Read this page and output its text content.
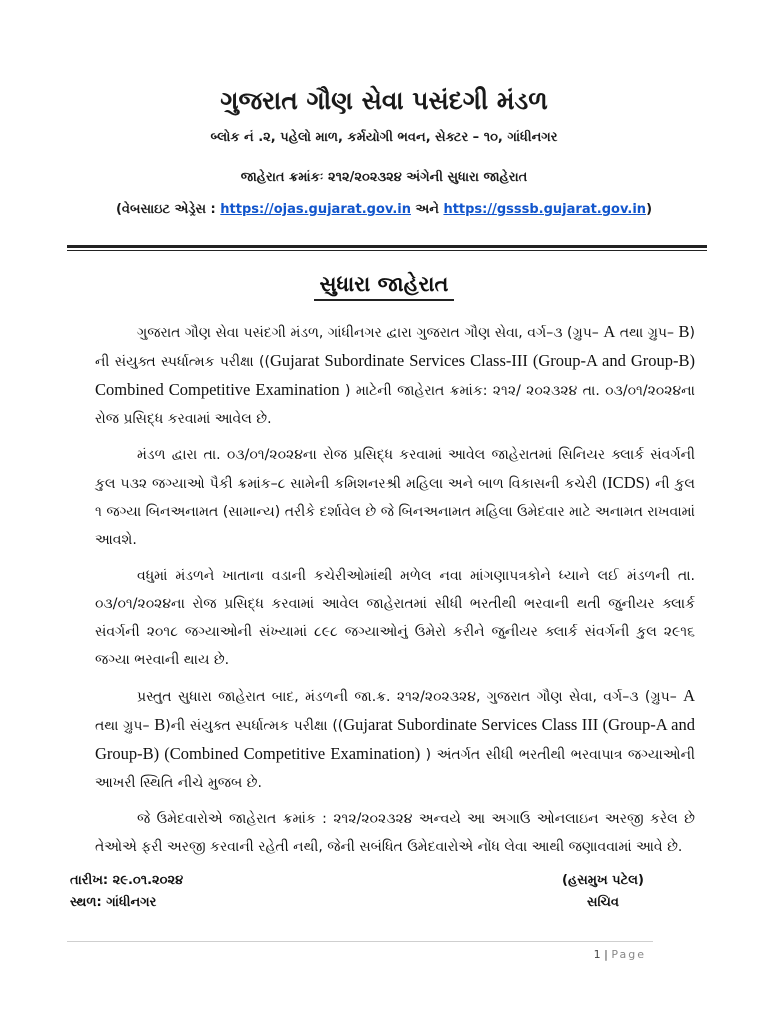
ગુજરાત ગૌણ સેવા પસંદગી મંડળ
બ્લોક નં .૨, પહેલો માળ, કર્મયોગી ભવન, સેક્ટર – ૧૦, ગાંધીનગર
જાહેરાત ક્રમાંકઃ ૨૧૨/૨૦૨૩૨૪ અંગેની સુધારા જાહેરાત
(વેબસાઇટ એડ્રેસ : https://ojas.gujarat.gov.in અને https://gsssb.gujarat.gov.in)
સુધારા જાહેરાત

ગુજરાત ગૌણ સેવા પસંદગી મંડળ, ગાંધીનગર દ્વારા ગુજરાત ગૌણ સેવા, વર્ગ–૩ (ગ્રુપ– A તથા ગ્રુપ– B) ની સંયુક્ત સ્પર્ધાત્મક પરીક્ષા ((Gujarat Subordinate Services Class-III (Group-A and Group-B) Combined Competitive Examination ) માટેની જાહેરાત ક્રમાંક: ૨૧૨/ ૨૦૨૩૨૪ તા. ૦૩/૦૧/૨૦૨૪ના રોજ પ્રસિદ્ધ કરવામાં આવેલ છે.

મંડળ દ્વારા તા. ૦૩/૦૧/૨૦૨૪ના રોજ પ્રસિદ્ધ કરવામાં આવેલ જાહેરાતમાં સિનિયર ક્લાર્ક સંવર્ગની કુલ ૫૩૨ જગ્યાઓ પૈકી ક્રમાંક–૮ સામેની કમિશનરશ્રી મહિલા અને બાળ વિકાસની કચેરી (ICDS) ની કુલ ૧ જગ્યા બિનઅનામત (સામાન્ય) તરીકે દર્શાવેલ છે જે બિનઅનામત મહિલા ઉમેદવાર માટે અનામત રાખવામાં આવશે.

વધુમાં મંડળને ખાતાના વડાની કચેરીઓમાંથી મળેલ નવા માંગણાપત્રકોને ધ્યાને લઈ મંડળની તા. ૦૩/૦૧/૨૦૨૪ના રોજ પ્રસિદ્ધ કરવામાં આવેલ જાહેરાતમાં સીધી ભરતીથી ભરવાની થતી જુનીયર ક્લાર્ક સંવર્ગની ૨૦૧૮ જગ્યાઓની સંખ્યામાં ૮૯૮ જગ્યાઓનું ઉમેરો કરીને જુનીયર ક્લાર્ક સંવર્ગની કુલ ૨૯૧૬ જગ્યા ભરવાની થાય છે.

પ્રસ્તુત સુધારા જાહેરાત બાદ, મંડળની જા.ક્ર. ૨૧૨/૨૦૨૩૨૪, ગુજરાત ગૌણ સેવા, વર્ગ–૩ (ગ્રુપ– A તથા ગ્રુપ– B)ની સંયુક્ત સ્પર્ધાત્મક પરીક્ષા ((Gujarat Subordinate Services Class III (Group-A and Group-B) (Combined Competitive Examination) ) અંતર્ગત સીધી ભરતીથી ભરવાપાત્ર જગ્યાઓની આખરી સ્થિતિ નીચે મુજબ છે.

જે ઉમેદવારોએ જાહેરાત ક્રમાંક : ૨૧૨/૨૦૨૩૨૪ અન્વયે આ અગાઉ ઓનલાઇન અરજી કરેલ છે તેઓએ ફરી અરજી કરવાની રહેતી નથી, જેની સબંધિત ઉમેદવારોએ નોંધ લેવા આથી જણાવવામાં આવે છે.

તારીખ: ૨૯.૦૧.૨૦૨૪
સ્થળ: ગાંધીનગર
(હસમુખ પટેલ)
સચિવ
1 | Page
